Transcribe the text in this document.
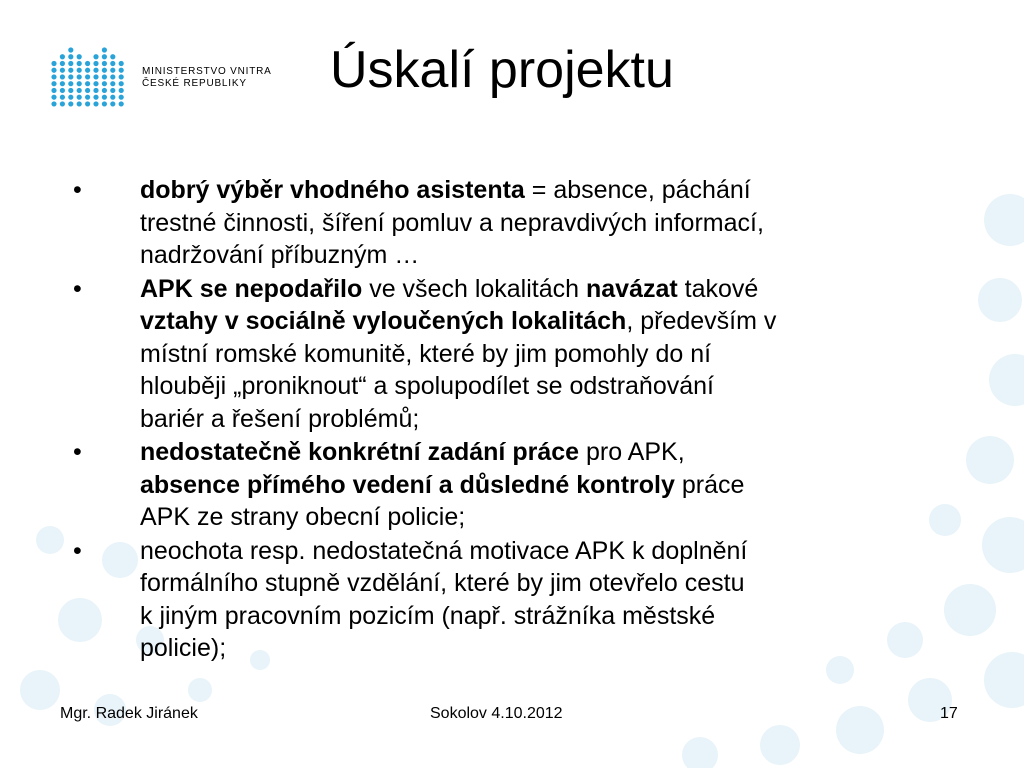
MINISTERSTVO VNITRA
ČESKÉ REPUBLIKY	Úskalí projektu
• dobrý výběr vhodného asistenta = absence, páchání
trestné činnosti, šíření pomluv a nepravdivých informací,
nadržování příbuzným …
• APK se nepodařilo ve všech lokalitách navázat takové
vztahy v sociálně vyloučených lokalitách, především v
místní romské komunitě, které by jim pomohly do ní
hlouběji „proniknout“ a spolupodílet se odstraňování
bariér a řešení problémů;
• nedostatečně konkrétní zadání práce pro APK,
absence přímého vedení a důsledné kontroly práce
APK ze strany obecní policie;
• neochota resp. nedostatečná motivace APK k doplnění
formálního stupně vzdělání, které by jim otevřelo cestu
k jiným pracovním pozicím (např. strážníka městské
policie);
Mgr. Radek Jiránek	Sokolov 4.10.2012	17
